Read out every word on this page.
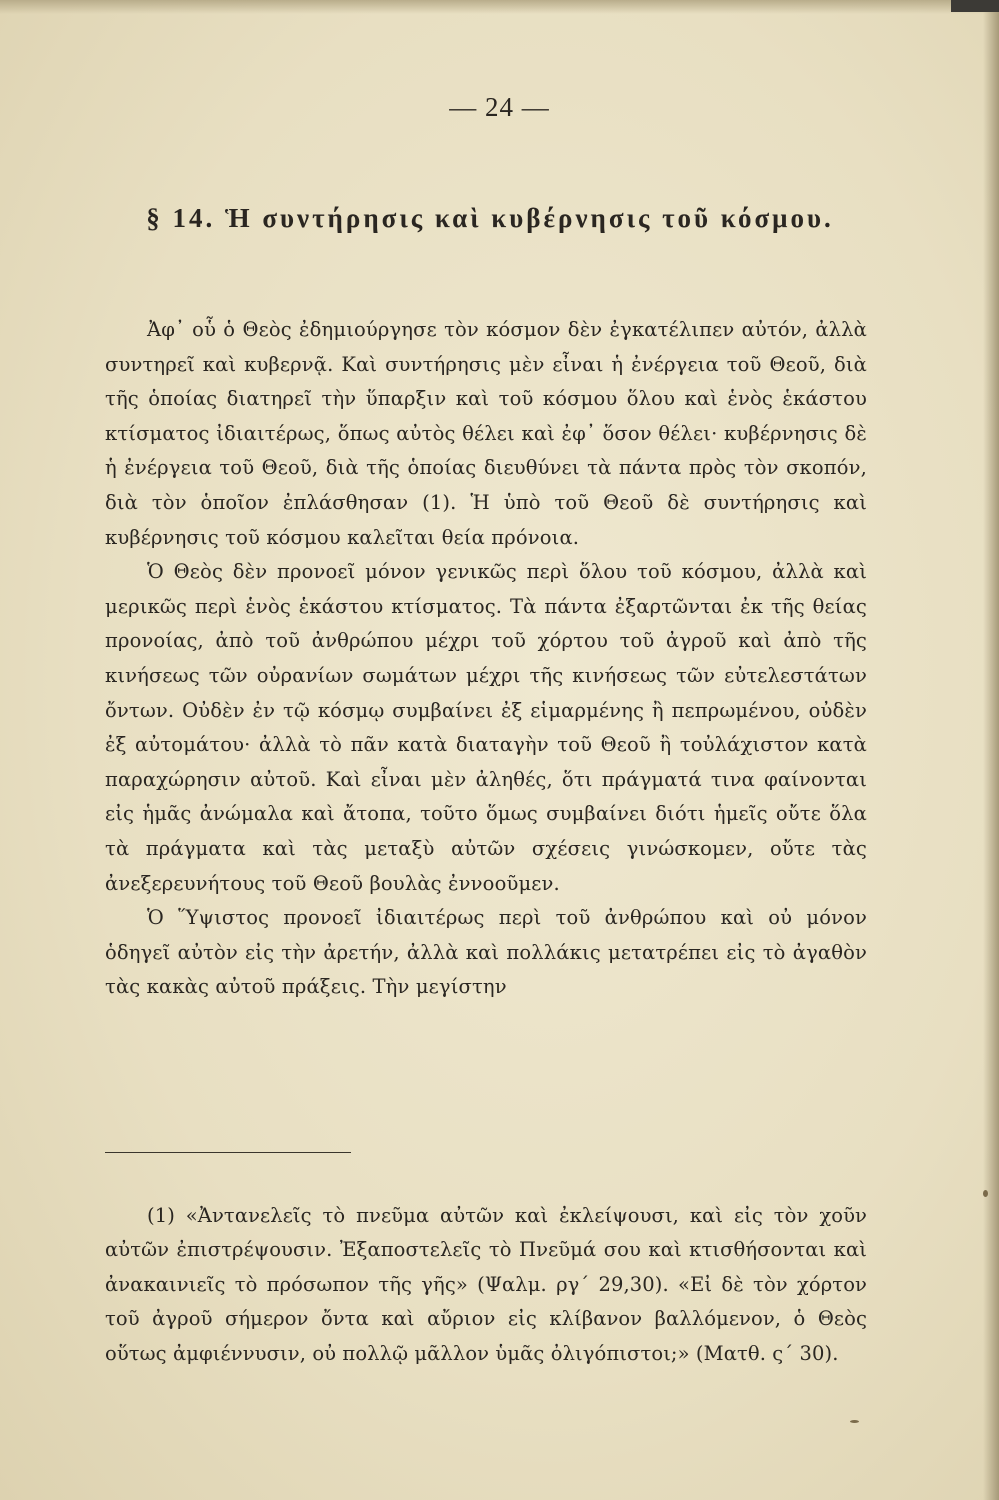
— 24 —
§ 14. Ἡ συντήρησις καὶ κυβέρνησις τοῦ κόσμου.

Ἀφ᾽ οὗ ὁ Θεὸς ἐδημιούργησε τὸν κόσμον δὲν ἐγκατέλιπεν αὐτόν, ἀλλὰ συντηρεῖ καὶ κυβερνᾷ. Καὶ συντήρησις μὲν εἶναι ἡ ἐνέργεια τοῦ Θεοῦ, διὰ τῆς ὁποίας διατηρεῖ τὴν ὕπαρξιν καὶ τοῦ κόσμου ὅλου καὶ ἑνὸς ἑκάστου κτίσματος ἰδιαιτέρως, ὅπως αὐτὸς θέλει καὶ ἐφ᾽ ὅσον θέλει· κυβέρνησις δὲ ἡ ἐνέργεια τοῦ Θεοῦ, διὰ τῆς ὁποίας διευθύνει τὰ πάντα πρὸς τὸν σκοπόν, διὰ τὸν ὁποῖον ἐπλάσθησαν (1). Ἡ ὑπὸ τοῦ Θεοῦ δὲ συντήρησις καὶ κυβέρνησις τοῦ κόσμου καλεῖται θεία πρόνοια.

Ὁ Θεὸς δὲν προνοεῖ μόνον γενικῶς περὶ ὅλου τοῦ κόσμου, ἀλλὰ καὶ μερικῶς περὶ ἑνὸς ἑκάστου κτίσματος. Τὰ πάντα ἐξαρτῶνται ἐκ τῆς θείας προνοίας, ἀπὸ τοῦ ἀνθρώπου μέχρι τοῦ χόρτου τοῦ ἀγροῦ καὶ ἀπὸ τῆς κινήσεως τῶν οὐρανίων σωμάτων μέχρι τῆς κινήσεως τῶν εὐτελεστάτων ὄντων. Οὐδὲν ἐν τῷ κόσμῳ συμβαίνει ἐξ εἱμαρμένης ἢ πεπρωμένου, οὐδὲν ἐξ αὐτομάτου· ἀλλὰ τὸ πᾶν κατὰ διαταγὴν τοῦ Θεοῦ ἢ τοὐλάχιστον κατὰ παραχώρησιν αὐτοῦ. Καὶ εἶναι μὲν ἀληθές, ὅτι πράγματά τινα φαίνονται εἰς ἡμᾶς ἀνώμαλα καὶ ἄτοπα, τοῦτο ὅμως συμβαίνει διότι ἡμεῖς οὔτε ὅλα τὰ πράγματα καὶ τὰς μεταξὺ αὐτῶν σχέσεις γινώσκομεν, οὔτε τὰς ἀνεξερευνήτους τοῦ Θεοῦ βουλὰς ἐννοοῦμεν.

Ὁ Ὕψιστος προνοεῖ ἰδιαιτέρως περὶ τοῦ ἀνθρώπου καὶ οὐ μόνον ὁδηγεῖ αὐτὸν εἰς τὴν ἀρετήν, ἀλλὰ καὶ πολλάκις μετατρέπει εἰς τὸ ἀγαθὸν τὰς κακὰς αὐτοῦ πράξεις. Τὴν μεγίστην

(1) «Ἀντανελεῖς τὸ πνεῦμα αὐτῶν καὶ ἐκλείψουσι, καὶ εἰς τὸν χοῦν αὐτῶν ἐπιστρέψουσιν. Ἐξαποστελεῖς τὸ Πνεῦμά σου καὶ κτισθήσονται καὶ ἀνακαινιεῖς τὸ πρόσωπον τῆς γῆς» (Ψαλμ. ργ´ 29,30). «Εἰ δὲ τὸν χόρτον τοῦ ἀγροῦ σήμερον ὄντα καὶ αὔριον εἰς κλίβανον βαλλόμενον, ὁ Θεὸς οὕτως ἀμφιέννυσιν, οὐ πολλῷ μᾶλλον ὑμᾶς ὀλιγόπιστοι;» (Ματθ. ς´ 30).
